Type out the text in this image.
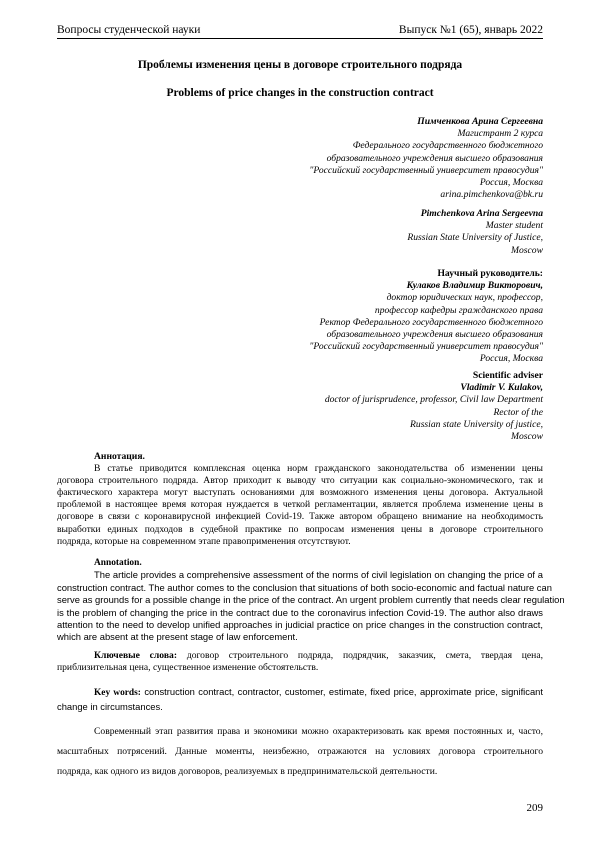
Вопросы студенческой науки	Выпуск №1 (65), январь 2022
Проблемы изменения цены в договоре строительного подряда
Problems of price changes in the construction contract
Пимченкова Арина Сергеевна
Магистрант 2 курса
Федерального государственного бюджетного
образовательного учреждения высшего образования
"Российский государственный университет правосудия"
Россия, Москва
arina.pimchenkova@bk.ru
Pimchenkova Arina Sergeevna
Master student
Russian State University of Justice,
Moscow
Научный руководитель:
Кулаков Владимир Викторович,
доктор юридических наук, профессор,
профессор кафедры гражданского права
Ректор Федерального государственного бюджетного
образовательного учреждения высшего образования
"Российский государственный университет правосудия"
Россия, Москва
Scientific adviser
Vladimir V. Kulakov,
doctor of jurisprudence, professor, Civil law Department
Rector of the
Russian state University of justice,
Moscow
Аннотация.
В статье приводится комплексная оценка норм гражданского законодательства об изменении цены
договора строительного подряда. Автор приходит к выводу что ситуации как социально-экономического, так и
фактического характера могут выступать основаниями для возможного изменения цены договора. Актуальной
проблемой в настоящее время которая нуждается в четкой регламентации, является проблема изменение цены в
договоре в связи с коронавирусной инфекцией Covid-19. Также автором обращено внимание на необходимость
выработки единых подходов в судебной практике по вопросам изменения цены в договоре строительного
подряда, которые на современном этапе правоприменения отсутствуют.
Annotation.
The article provides a comprehensive assessment of the norms of civil legislation on changing the price of a
construction contract. The author comes to the conclusion that situations of both socio-economic and factual nature can
serve as grounds for a possible change in the price of the contract. An urgent problem currently that needs clear regulation
is the problem of changing the price in the contract due to the coronavirus infection Covid-19. The author also draws
attention to the need to develop unified approaches in judicial practice on price changes in the construction contract,
which are absent at the present stage of law enforcement.
Ключевые слова: договор строительного подряда, подрядчик, заказчик, смета, твердая цена,
приблизительная цена, существенное изменение обстоятельств.
Key words: construction contract, contractor, customer, estimate, fixed price, approximate price, significant
change in circumstances.
Современный этап развития права и экономики можно охарактеризовать как время постоянных и, часто,
масштабных потрясений. Данные моменты, неизбежно, отражаются на условиях договора строительного
подряда, как одного из видов договоров, реализуемых в предпринимательской деятельности.
209
